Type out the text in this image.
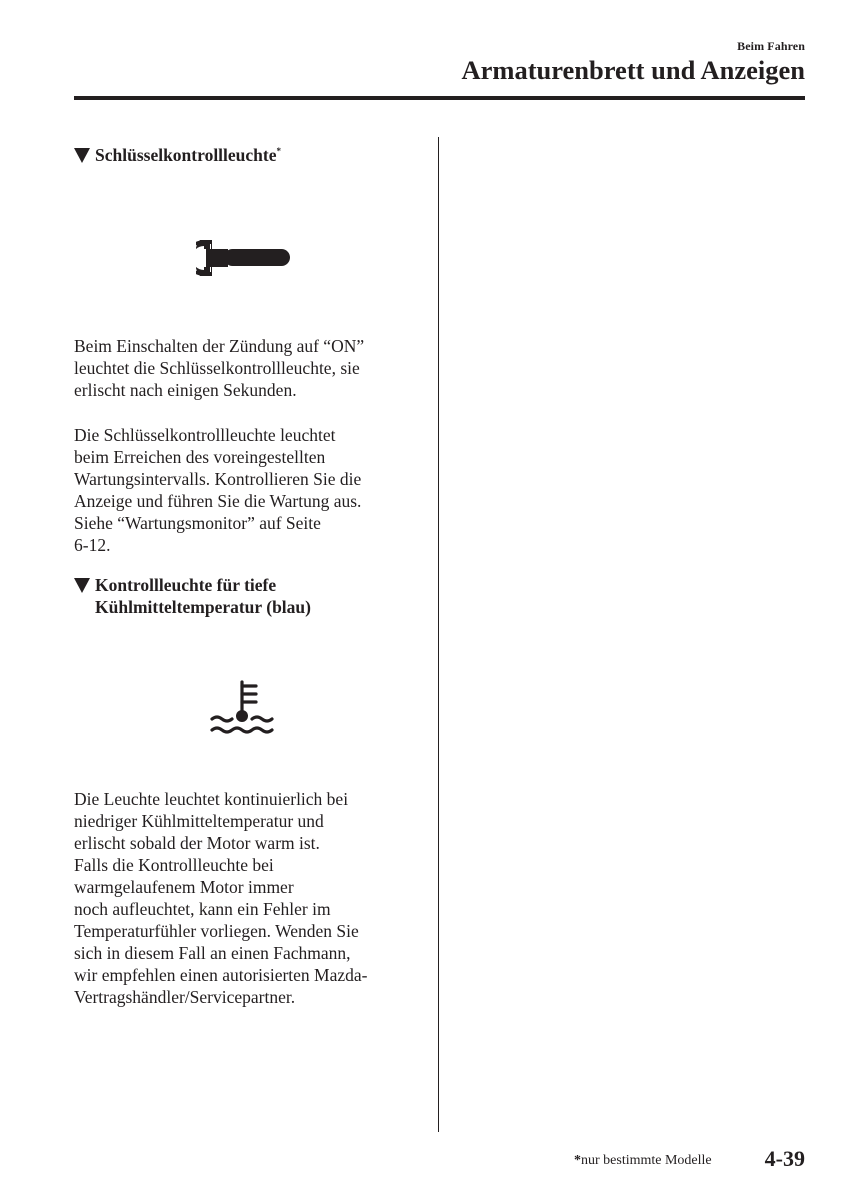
Beim Fahren
Armaturenbrett und Anzeigen
Schlüsselkontrollleuchte*

Beim Einschalten der Zündung auf “ON”
leuchtet die Schlüsselkontrollleuchte, sie
erlischt nach einigen Sekunden.

Die Schlüsselkontrollleuchte leuchtet
beim Erreichen des voreingestellten
Wartungsintervalls. Kontrollieren Sie die
Anzeige und führen Sie die Wartung aus.
Siehe “Wartungsmonitor” auf Seite
6-12.

Kontrollleuchte für tiefe
Kühlmitteltemperatur (blau)

Die Leuchte leuchtet kontinuierlich bei
niedriger Kühlmitteltemperatur und
erlischt sobald der Motor warm ist.
Falls die Kontrollleuchte bei
warmgelaufenem Motor immer
noch aufleuchtet, kann ein Fehler im
Temperaturfühler vorliegen. Wenden Sie
sich in diesem Fall an einen Fachmann,
wir empfehlen einen autorisierten Mazda-
Vertragshändler/Servicepartner.

*nur bestimmte Modelle 4-39
